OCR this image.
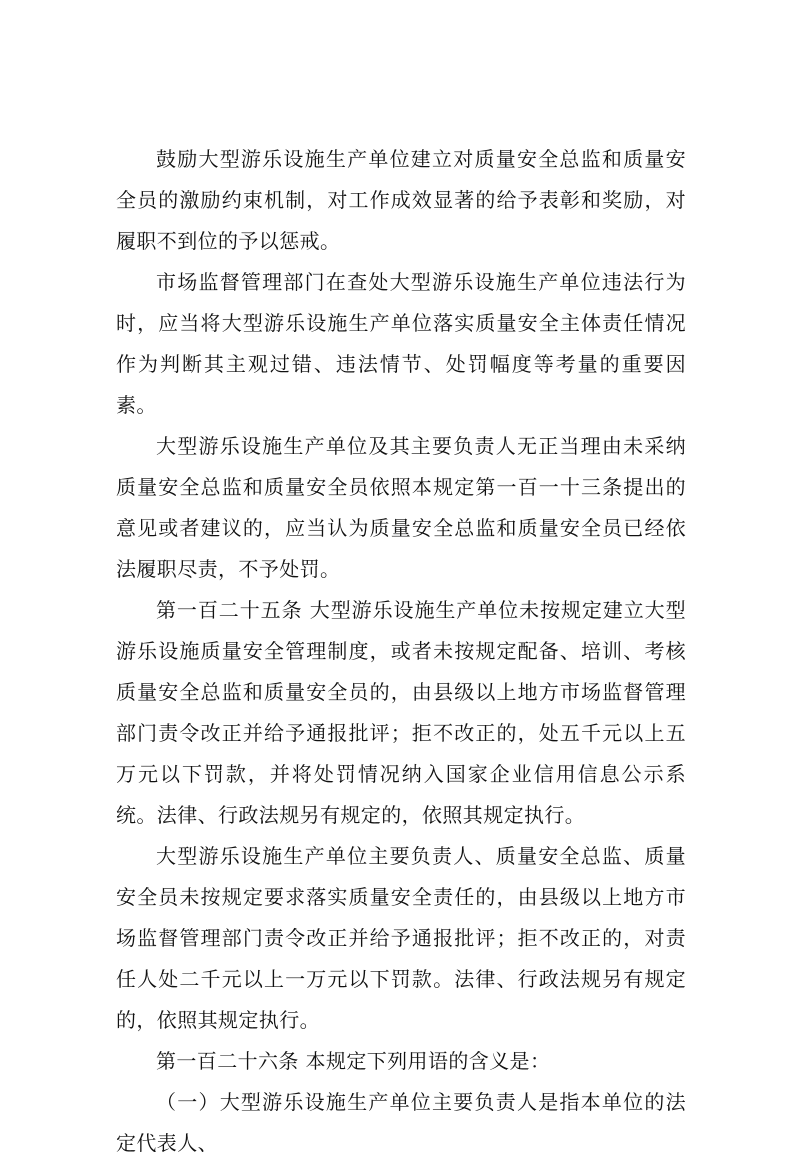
鼓励大型游乐设施生产单位建立对质量安全总监和质量安全员的激励约束机制，对工作成效显著的给予表彰和奖励，对履职不到位的予以惩戒。

市场监督管理部门在查处大型游乐设施生产单位违法行为时，应当将大型游乐设施生产单位落实质量安全主体责任情况作为判断其主观过错、违法情节、处罚幅度等考量的重要因素。

大型游乐设施生产单位及其主要负责人无正当理由未采纳质量安全总监和质量安全员依照本规定第一百一十三条提出的意见或者建议的，应当认为质量安全总监和质量安全员已经依法履职尽责，不予处罚。

第一百二十五条 大型游乐设施生产单位未按规定建立大型游乐设施质量安全管理制度，或者未按规定配备、培训、考核质量安全总监和质量安全员的，由县级以上地方市场监督管理部门责令改正并给予通报批评；拒不改正的，处五千元以上五万元以下罚款，并将处罚情况纳入国家企业信用信息公示系统。法律、行政法规另有规定的，依照其规定执行。

大型游乐设施生产单位主要负责人、质量安全总监、质量安全员未按规定要求落实质量安全责任的，由县级以上地方市场监督管理部门责令改正并给予通报批评；拒不改正的，对责任人处二千元以上一万元以下罚款。法律、行政法规另有规定的，依照其规定执行。

第一百二十六条 本规定下列用语的含义是：

（一）大型游乐设施生产单位主要负责人是指本单位的法定代表人、
